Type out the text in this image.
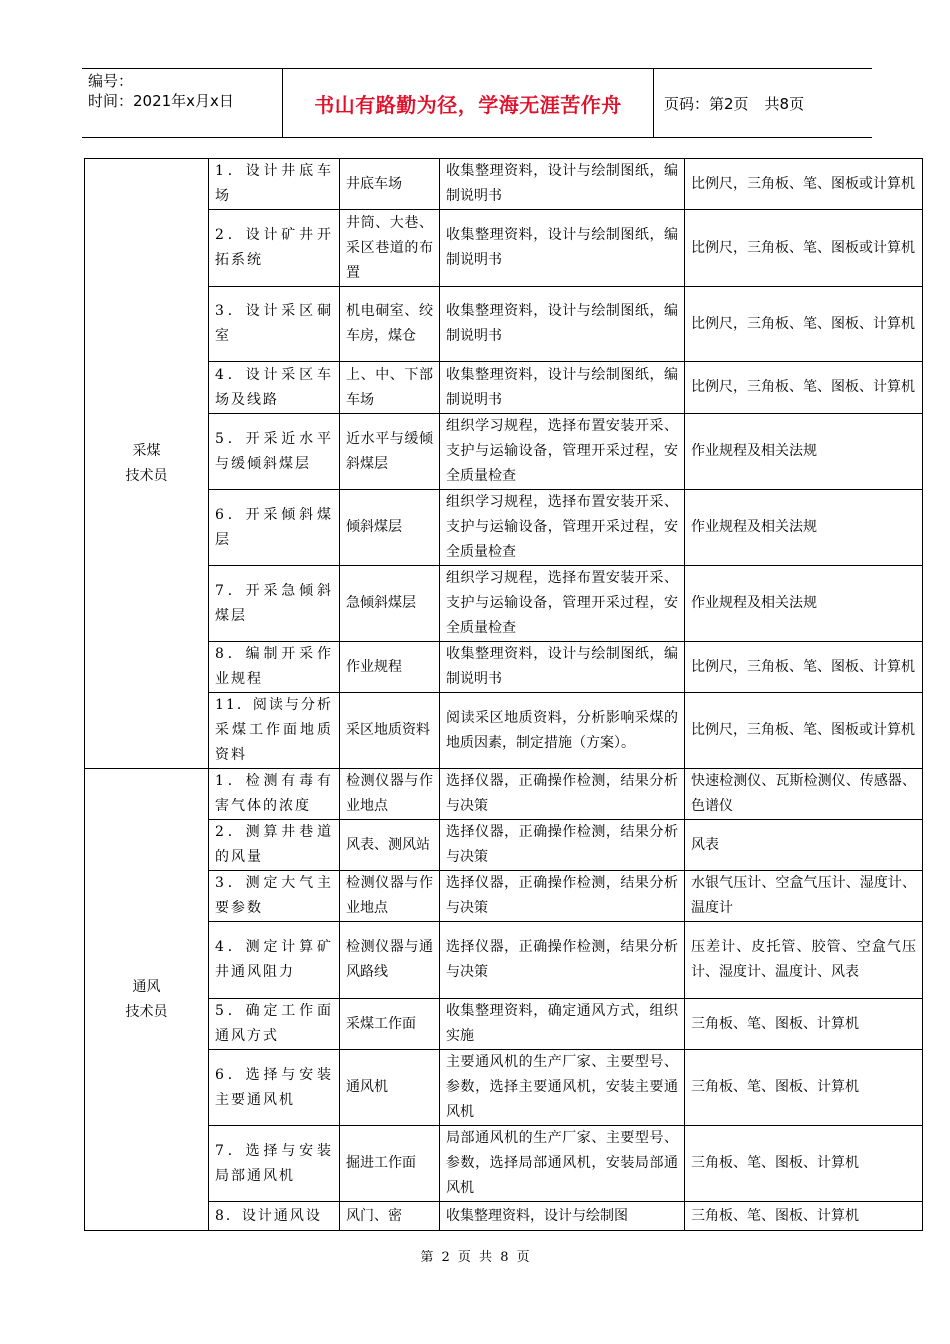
编号：
时间：2021年x月x日	书山有路勤为径，学海无涯苦作舟	页码：第2页 共8页
采煤
技术员	1．设计井底车场	井底车场	收集整理资料，设计与绘制图纸，编制说明书	比例尺，三角板、笔、图板或计算机
	2．设计矿井开拓系统	井筒、大巷、采区巷道的布置	收集整理资料，设计与绘制图纸，编制说明书	比例尺，三角板、笔、图板或计算机
	3．设计采区硐室	机电硐室、绞车房，煤仓	收集整理资料，设计与绘制图纸，编制说明书	比例尺，三角板、笔、图板、计算机
	4．设计采区车场及线路	上、中、下部车场	收集整理资料，设计与绘制图纸，编制说明书	比例尺，三角板、笔、图板、计算机
	5．开采近水平与缓倾斜煤层	近水平与缓倾斜煤层	组织学习规程，选择布置安装开采、支护与运输设备，管理开采过程，安全质量检查	作业规程及相关法规
	6．开采倾斜煤层	倾斜煤层	组织学习规程，选择布置安装开采、支护与运输设备，管理开采过程，安全质量检查	作业规程及相关法规
	7．开采急倾斜煤层	急倾斜煤层	组织学习规程，选择布置安装开采、支护与运输设备，管理开采过程，安全质量检查	作业规程及相关法规
	8．编制开采作业规程	作业规程	收集整理资料，设计与绘制图纸，编制说明书	比例尺，三角板、笔、图板、计算机
	11．阅读与分析采煤工作面地质资料	采区地质资料	阅读采区地质资料，分析影响采煤的地质因素，制定措施（方案）。	比例尺，三角板、笔、图板或计算机
通风
技术员	1．检测有毒有害气体的浓度	检测仪器与作业地点	选择仪器，正确操作检测，结果分析与决策	快速检测仪、瓦斯检测仪、传感器、色谱仪
	2．测算井巷道的风量	风表、测风站	选择仪器，正确操作检测，结果分析与决策	风表
	3．测定大气主要参数	检测仪器与作业地点	选择仪器，正确操作检测，结果分析与决策	水银气压计、空盒气压计、湿度计、温度计
	4．测定计算矿井通风阻力	检测仪器与通风路线	选择仪器，正确操作检测，结果分析与决策	压差计、皮托管、胶管、空盒气压计、湿度计、温度计、风表
	5．确定工作面通风方式	采煤工作面	收集整理资料，确定通风方式，组织实施	三角板、笔、图板、计算机
	6．选择与安装主要通风机	通风机	主要通风机的生产厂家、主要型号、参数，选择主要通风机，安装主要通风机	三角板、笔、图板、计算机
	7．选择与安装局部通风机	掘进工作面	局部通风机的生产厂家、主要型号、参数，选择局部通风机，安装局部通风机	三角板、笔、图板、计算机
	8．设计通风设	风门、密	收集整理资料，设计与绘制图	三角板、笔、图板、计算机
第 2 页 共 8 页
